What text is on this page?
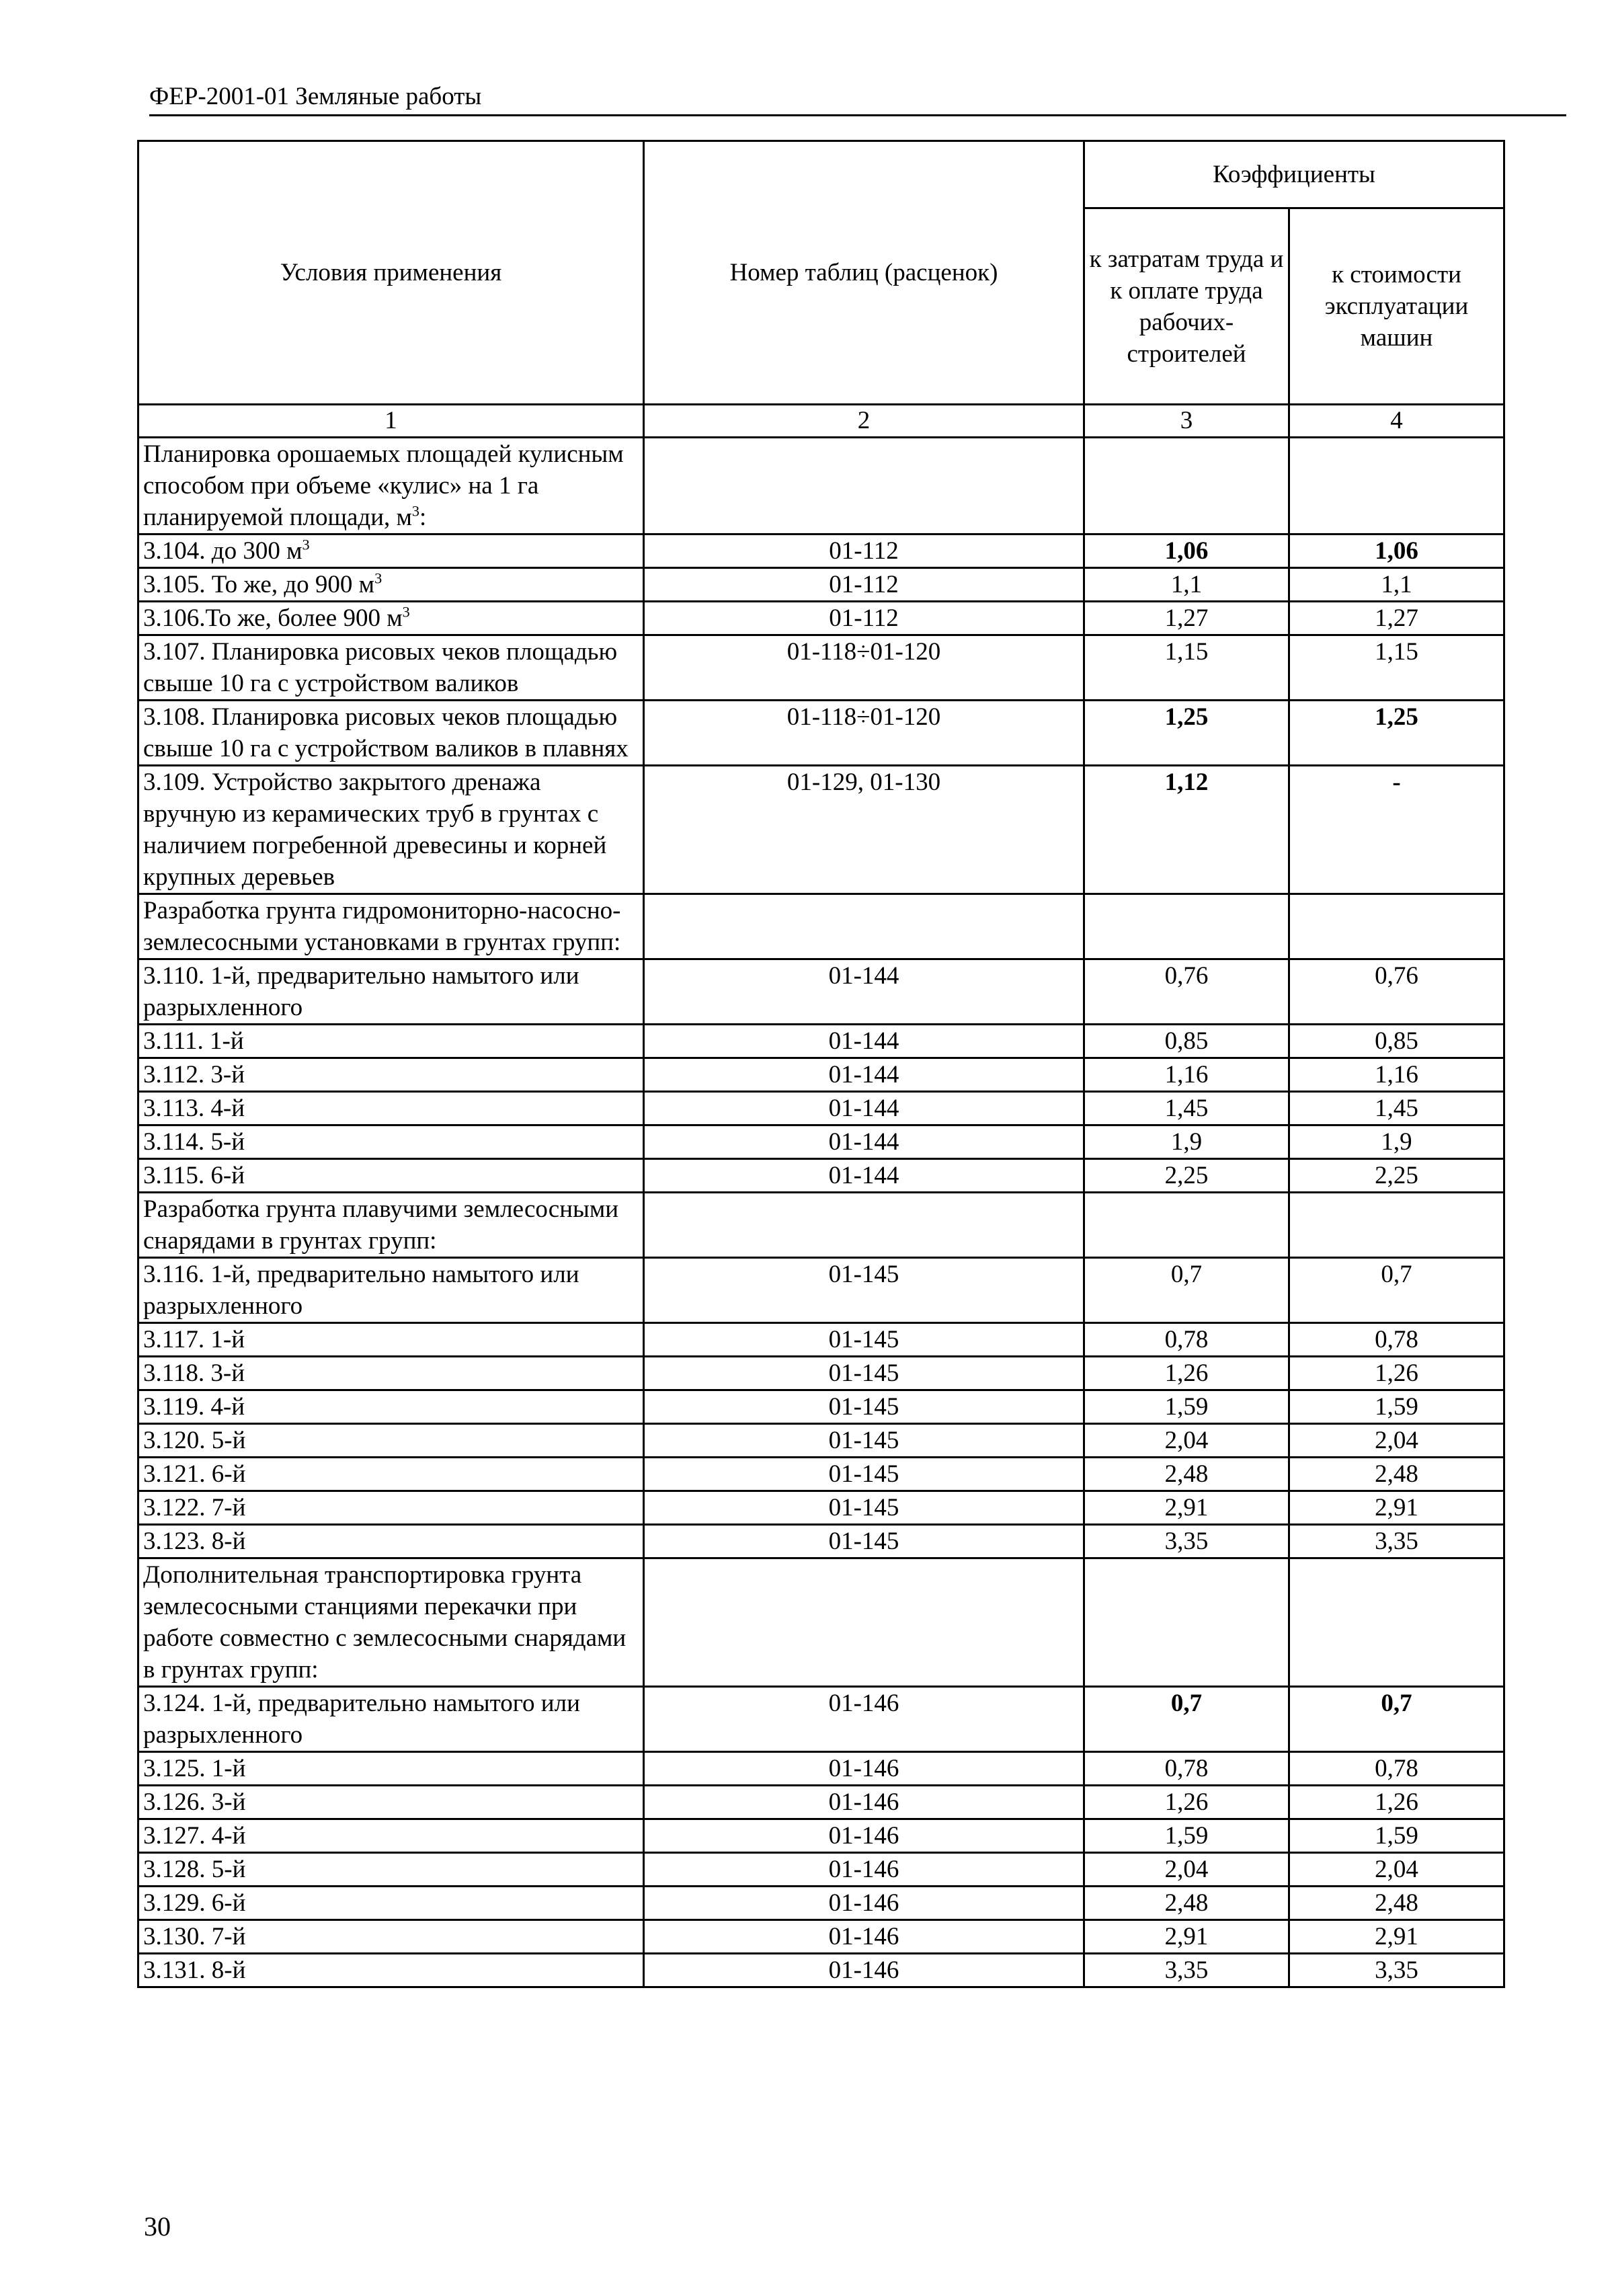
ФЕР-2001-01 Земляные работы
Условия применения	Номер таблиц (расценок)	Коэффициенты	
		к затратам труда и к оплате труда рабочих-строителей	к стоимости эксплуатации машин
1	2	3	4
Планировка орошаемых площадей кулисным способом при объеме «кулис» на 1 га планируемой площади, $м^3$:			
3.104. до 300 $м^3$	01-112	1,06	1,06
3.105. То же, до 900 $м^3$	01-112	1,1	1,1
3.106.То же, более 900 $м^3$	01-112	1,27	1,27
3.107. Планировка рисовых чеков площадью свыше 10 га с устройством валиков	01-118÷01-120	1,15	1,15
3.108. Планировка рисовых чеков площадью свыше 10 га с устройством валиков в плавнях	01-118÷01-120	1,25	1,25
3.109. Устройство закрытого дренажа вручную из керамических труб в грунтах с наличием погребенной древесины и корней крупных деревьев	01-129, 01-130	1,12	-
Разработка грунта гидромониторно-насосно-землесосными установками в грунтах групп:			
3.110. 1-й, предварительно намытого или разрыхленного	01-144	0,76	0,76
3.111. 1-й	01-144	0,85	0,85
3.112. 3-й	01-144	1,16	1,16
3.113. 4-й	01-144	1,45	1,45
3.114. 5-й	01-144	1,9	1,9
3.115. 6-й	01-144	2,25	2,25
Разработка грунта плавучими землесосными снарядами в грунтах групп:			
3.116. 1-й, предварительно намытого или разрыхленного	01-145	0,7	0,7
3.117. 1-й	01-145	0,78	0,78
3.118. 3-й	01-145	1,26	1,26
3.119. 4-й	01-145	1,59	1,59
3.120. 5-й	01-145	2,04	2,04
3.121. 6-й	01-145	2,48	2,48
3.122. 7-й	01-145	2,91	2,91
3.123. 8-й	01-145	3,35	3,35
Дополнительная транспортировка грунта землесосными станциями перекачки при работе совместно с землесосными снарядами в грунтах групп:			
3.124. 1-й, предварительно намытого или разрыхленного	01-146	0,7	0,7
3.125. 1-й	01-146	0,78	0,78
3.126. 3-й	01-146	1,26	1,26
3.127. 4-й	01-146	1,59	1,59
3.128. 5-й	01-146	2,04	2,04
3.129. 6-й	01-146	2,48	2,48
3.130. 7-й	01-146	2,91	2,91
3.131. 8-й	01-146	3,35	3,35
30
